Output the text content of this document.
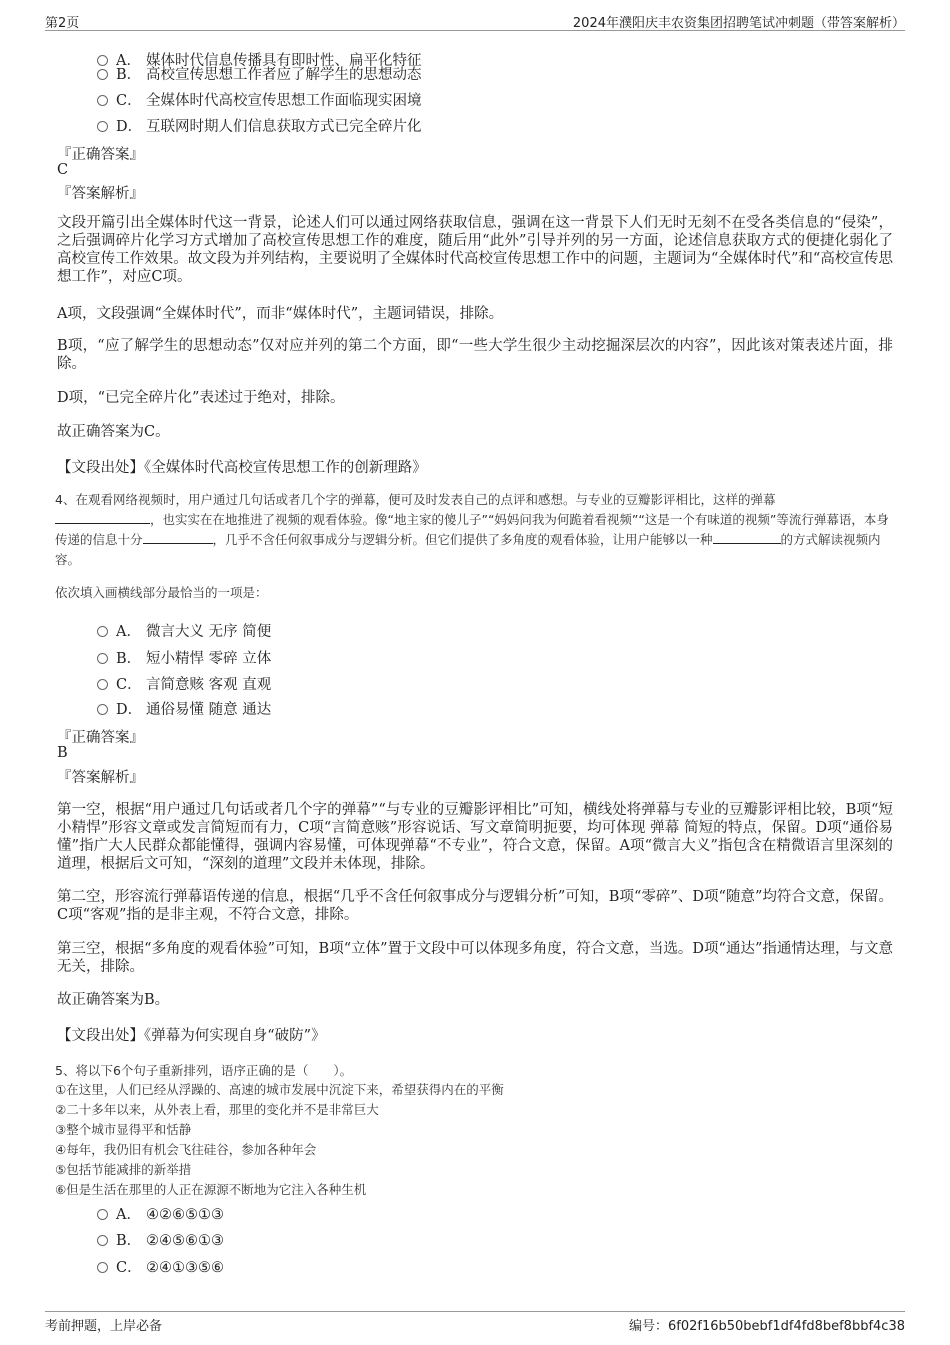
第2页	2024年濮阳庆丰农资集团招聘笔试冲刺题（带答案解析）
A． 媒体时代信息传播具有即时性、扁平化特征
B． 高校宣传思想工作者应了解学生的思想动态
C． 全媒体时代高校宣传思想工作面临现实困境
D． 互联网时期人们信息获取方式已完全碎片化
『正确答案』
C
『答案解析』
文段开篇引出全媒体时代这一背景，论述人们可以通过网络获取信息，强调在这一背景下人们无时无刻不在受各类信息的“侵染”，之后强调碎片化学习方式增加了高校宣传思想工作的难度，随后用“此外”引导并列的另一方面，论述信息获取方式的便捷化弱化了高校宣传工作效果。故文段为并列结构，主要说明了全媒体时代高校宣传思想工作中的问题，主题词为“全媒体时代”和“高校宣传思想工作”，对应C项。
A项，文段强调“全媒体时代”，而非“媒体时代”，主题词错误，排除。
B项，“应了解学生的思想动态”仅对应并列的第二个方面，即“一些大学生很少主动挖掘深层次的内容”，因此该对策表述片面，排除。
D项，“已完全碎片化”表述过于绝对，排除。
故正确答案为C。
【文段出处】《全媒体时代高校宣传思想工作的创新理路》
4、在观看网络视频时，用户通过几句话或者几个字的弹幕，便可及时发表自己的点评和感想。与专业的豆瓣影评相比，这样的弹幕
，也实实在在地推进了视频的观看体验。像“地主家的傻儿子”“妈妈问我为何跪着看视频”“这是一个有味道的视频”等流行弹幕语，本身传递的信息十分	，几乎不含任何叙事成分与逻辑分析。但它们提供了多角度的观看体验，让用户能够以一种	的方式解读视频内容。
依次填入画横线部分最恰当的一项是：
A． 微言大义 无序 简便
B． 短小精悍 零碎 立体
C． 言简意赅 客观 直观
D． 通俗易懂 随意 通达
『正确答案』
B
『答案解析』
第一空，根据“用户通过几句话或者几个字的弹幕”“与专业的豆瓣影评相比”可知，横线处将弹幕与专业的豆瓣影评相比较，B项“短小精悍”形容文章或发言简短而有力，C项“言简意赅”形容说话、写文章简明扼要，均可体现 弹幕 简短的特点，保留。D项“通俗易懂”指广大人民群众都能懂得，强调内容易懂，可体现弹幕“不专业”，符合文意，保留。A项“微言大义”指包含在精微语言里深刻的道理，根据后文可知，“深刻的道理”文段并未体现，排除。
第二空，形容流行弹幕语传递的信息，根据“几乎不含任何叙事成分与逻辑分析”可知，B项“零碎”、D项“随意”均符合文意，保留。C项“客观”指的是非主观，不符合文意，排除。
第三空，根据“多角度的观看体验”可知，B项“立体”置于文段中可以体现多角度，符合文意，当选。D项“通达”指通情达理，与文意无关，排除。
故正确答案为B。
【文段出处】《弹幕为何实现自身“破防”》
5、将以下6个句子重新排列，语序正确的是（　　）。
①在这里，人们已经从浮躁的、高速的城市发展中沉淀下来，希望获得内在的平衡
②二十多年以来，从外表上看，那里的变化并不是非常巨大
③整个城市显得平和恬静
④每年，我仍旧有机会飞往硅谷，参加各种年会
⑤包括节能减排的新举措
⑥但是生活在那里的人正在源源不断地为它注入各种生机
A． ④②⑥⑤①③
B． ②④⑤⑥①③
C． ②④①③⑤⑥
考前押题，上岸必备	编号：6f02f16b50bebf1df4fd8bef8bbf4c38
